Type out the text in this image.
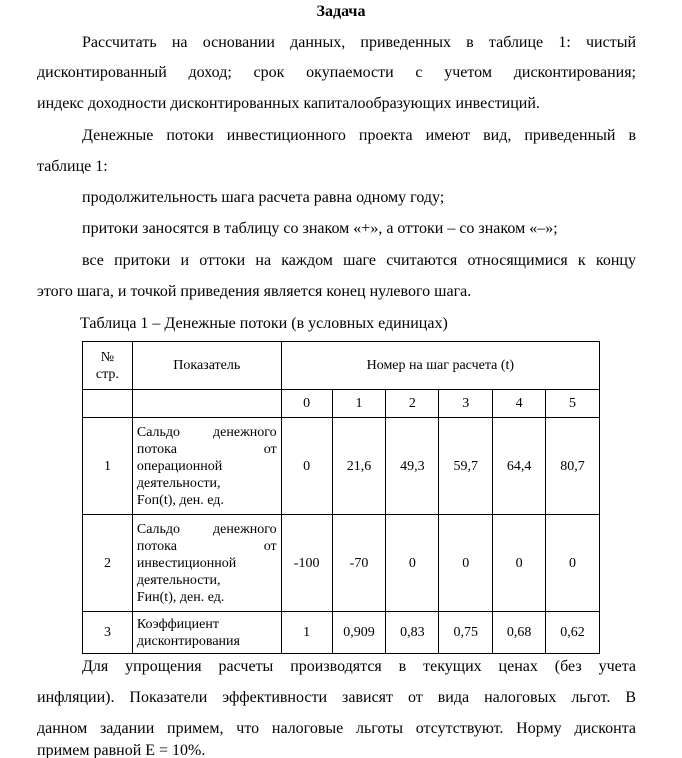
Задача
Рассчитать на основании данных, приведенных в таблице 1: чистый
дисконтированный доход; срок окупаемости с учетом дисконтирования;
индекс доходности дисконтированных капиталообразующих инвестиций.
Денежные потоки инвестиционного проекта имеют вид, приведенный в
таблице 1:
продолжительность шага расчета равна одному году;
притоки заносятся в таблицу со знаком «+», а оттоки – со знаком «–»;
все притоки и оттоки на каждом шаге считаются относящимися к концу
этого шага, и точкой приведения является конец нулевого шага.
Таблица 1 – Денежные потоки (в условных единицах)
№
стр.	Показатель	Номер на шаг расчета (t)					
		0	1	2	3	4	5
1	Сальдо денежного
потока от
операционной
деятельности,
Fоп(t), ден. ед.	0	21,6	49,3	59,7	64,4	80,7
2	Сальдо денежного
потока от
инвестиционной
деятельности,
Fин(t), ден. ед.	-100	-70	0	0	0	0
3	Коэффициент
дисконтирования	1	0,909	0,83	0,75	0,68	0,62
Для упрощения расчеты производятся в текущих ценах (без учета
инфляции). Показатели эффективности зависят от вида налоговых льгот. В
данном задании примем, что налоговые льготы отсутствуют. Норму дисконта
примем равной Е = 10%.
